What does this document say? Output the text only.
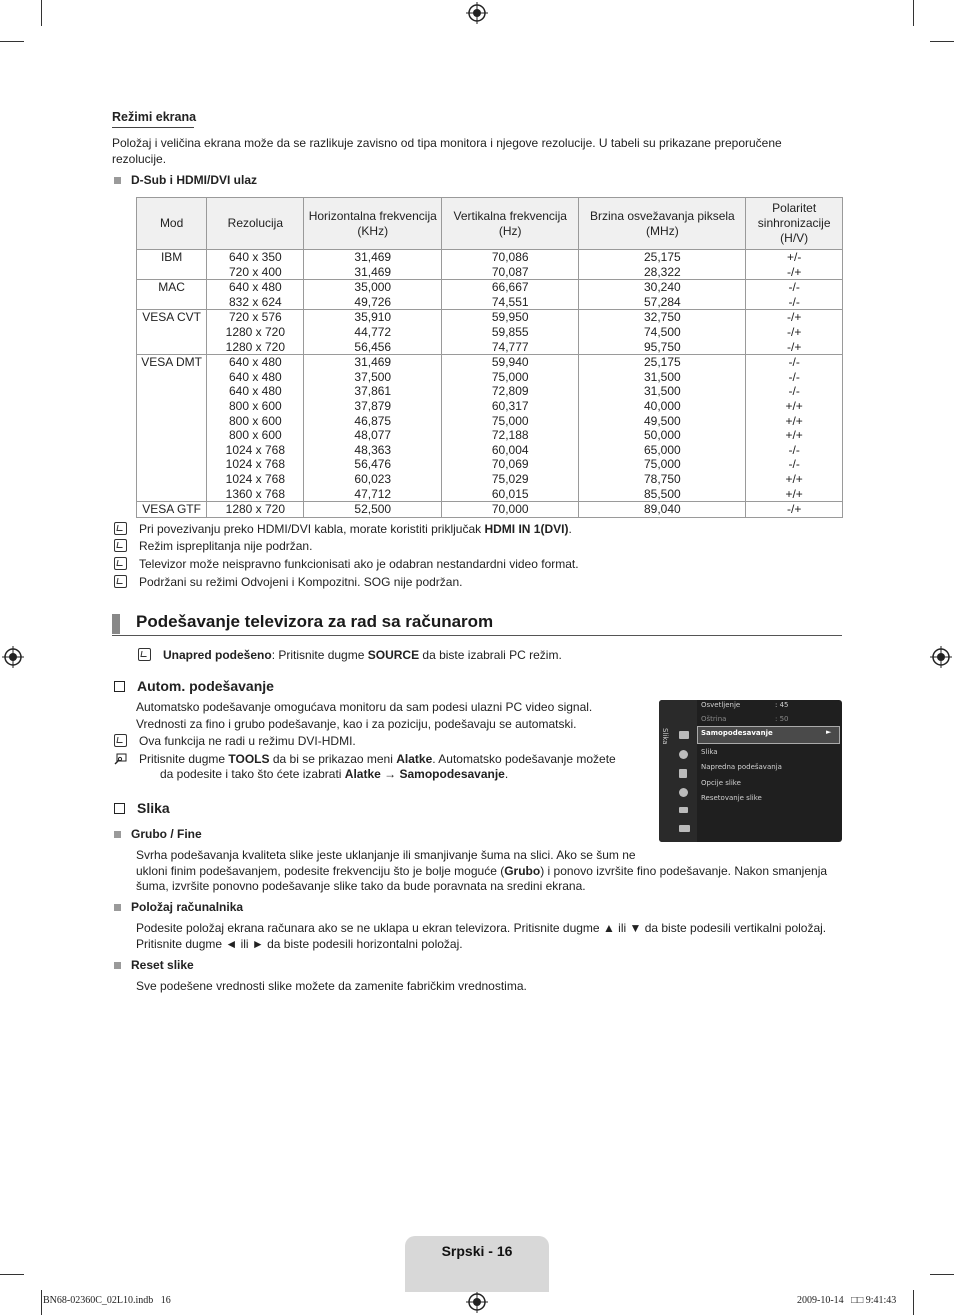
Režimi ekrana

Položaj i veličina ekrana može da se razlikuje zavisno od tipa monitora i njegove rezolucije. U tabeli su prikazane preporučene

rezolucije.

D-Sub i HDMI/DVI ulaz
Mod	Rezolucija	Horizontalna frekvencija (KHz)	Vertikalna frekvencija (Hz)	Brzina osvežavanja piksela (MHz)	Polaritet sinhronizacije (H/V)
IBM	640 x 350	31,469	70,086	25,175	+/-
	720 x 400	31,469	70,087	28,322	-/+
MAC	640 x 480	35,000	66,667	30,240	-/-
	832 x 624	49,726	74,551	57,284	-/-
VESA CVT	720 x 576	35,910	59,950	32,750	-/+
	1280 x 720	44,772	59,855	74,500	-/+
	1280 x 720	56,456	74,777	95,750	-/+
VESA DMT	640 x 480	31,469	59,940	25,175	-/-
	640 x 480	37,500	75,000	31,500	-/-
	640 x 480	37,861	72,809	31,500	-/-
	800 x 600	37,879	60,317	40,000	+/+
	800 x 600	46,875	75,000	49,500	+/+
	800 x 600	48,077	72,188	50,000	+/+
	1024 x 768	48,363	60,004	65,000	-/-
	1024 x 768	56,476	70,069	75,000	-/-
	1024 x 768	60,023	75,029	78,750	+/+
	1360 x 768	47,712	60,015	85,500	+/+
VESA GTF	1280 x 720	52,500	70,000	89,040	-/+
Pri povezivanju preko HDMI/DVI kabla, morate koristiti priključak HDMI IN 1(DVI).
Režim ispreplitanja nije podržan.
Televizor može neispravno funkcionisati ako je odabran nestandardni video format.
Podržani su režimi Odvojeni i Kompozitni. SOG nije podržan.
Podešavanje televizora za rad sa računarom
Unapred podešeno: Pritisnite dugme SOURCE da biste izabrali PC režim.
Autom. podešavanje

Automatsko podešavanje omogućava monitoru da sam podesi ulazni PC video signal.

Vrednosti za fino i grubo podešavanje, kao i za poziciju, podešavaju se automatski.

Ova funkcija ne radi u režimu DVI-HDMI.
Pritisnite dugme TOOLS da bi se prikazao meni Alatke. Automatsko podešavanje možete
da podesite i tako što ćete izabrati Alatke → Samopodesavanje.
Slika
Osvetljenje	: 45
Oštrina	: 50
Samopodesavanje	►
Slika
Napredna podešavanja
Opcije slike
Resetovanje slike
Slika
Grubo / Fine

Svrha podešavanja kvaliteta slike jeste uklanjanje ili smanjivanje šuma na slici. Ako se šum ne

ukloni finim podešavanjem, podesite frekvenciju što je bolje moguće (Grubo) i ponovo izvršite fino podešavanje. Nakon smanjenja

šuma, izvršite ponovno podešavanje slike tako da bude poravnata na sredini ekrana.

Položaj računalnika

Podesite položaj ekrana računara ako se ne uklapa u ekran televizora. Pritisnite dugme ▲ ili ▼ da biste podesili vertikalni položaj.

Pritisnite dugme ◄ ili ► da biste podesili horizontalni položaj.

Reset slike

Sve podešene vrednosti slike možete da zamenite fabričkim vrednostima.

Srpski - 16
BN68-02360C_02L10.indb   16	2009-10-14   □□ 9:41:43
